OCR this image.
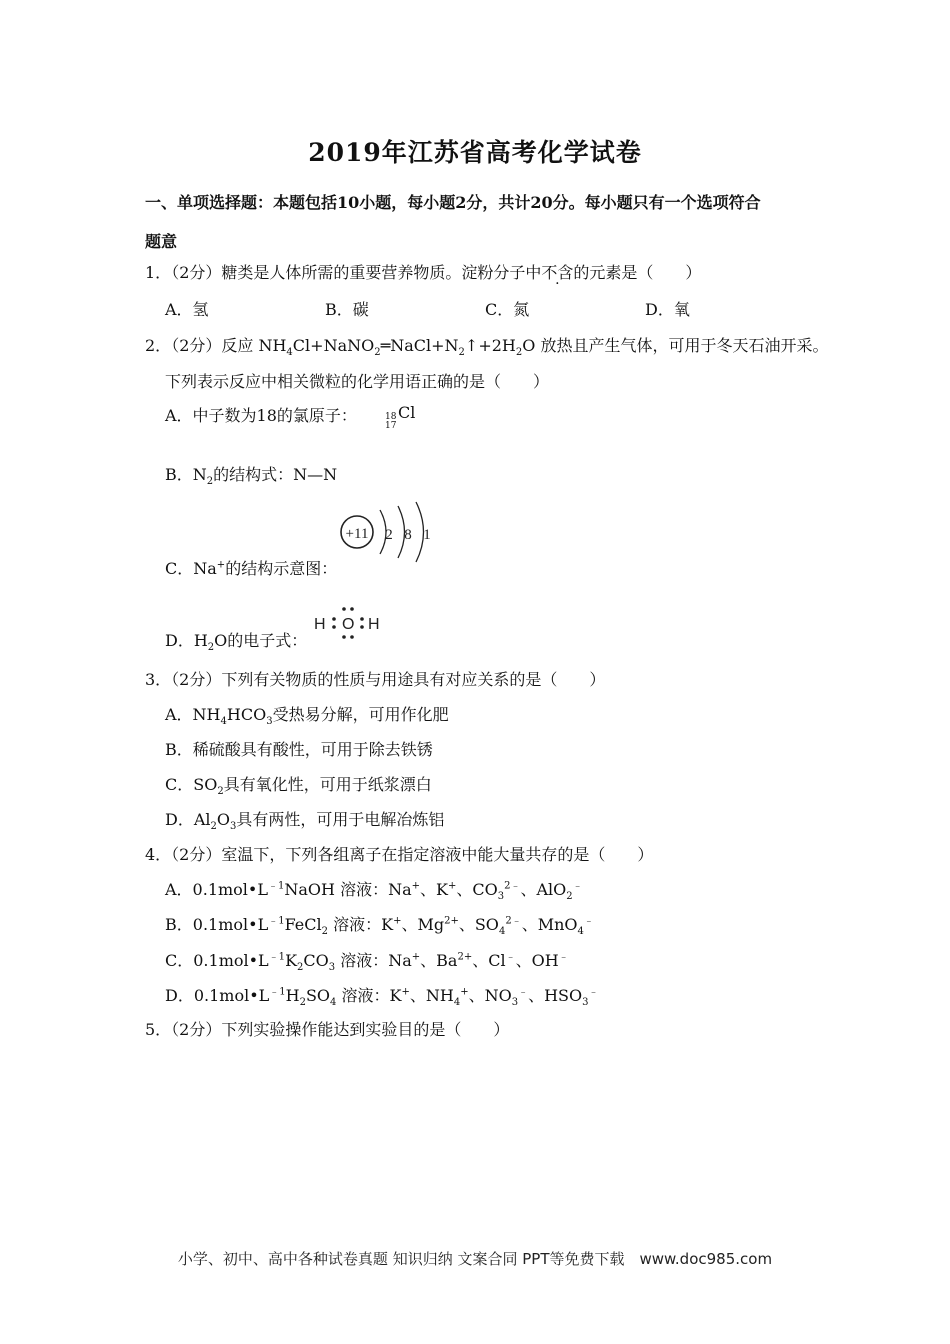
2019年江苏省高考化学试卷
一、单项选择题：本题包括10小题，每小题2分，共计20分。每小题只有一个选项符合
题意
1．（2分）糖类是人体所需的重要营养物质。淀粉分子中不含的元素是（　　）
A．氢	B．碳	C．氮	D．氧
2．（2分）反应 $NH_4Cl+NaNO_2═NaCl+N_2↑+2H_2O$ 放热且产生气体，可用于冬天石油开采。
下列表示反应中相关微粒的化学用语正确的是（　　）
A．中子数为18的氯原子：	18
17
Cl
B．$N_2$的结构式：N—N
C．Na+的结构示意图：
+11 2 8 1
D．$H_2O$的电子式：
H O H
3．（2分）下列有关物质的性质与用途具有对应关系的是（　　）
A．$NH_4HCO_3$受热易分解，可用作化肥
B．稀硫酸具有酸性，可用于除去铁锈
C．$SO_2$具有氧化性，可用于纸浆漂白
D．$Al_2O_3$具有两性，可用于电解冶炼铝
4．（2分）室温下，下列各组离子在指定溶液中能大量共存的是（　　）
A．$0.1mol•L^{﹣1}NaOH$ 溶液：Na+、K+、$CO_3^{2﹣}$、AlO$_2$﹣
B．$0.1mol•L^{﹣1}FeCl_2$ 溶液：K+、$Mg^{2+}$、$SO_4^{2﹣}$、MnO$_4$﹣
C．$0.1mol•L^{﹣1}K_2CO_3$ 溶液：Na+、$Ba^{2+}$、Cl﹣、OH﹣
D．$0.1mol•L^{﹣1}H_2SO_4$ 溶液：K+、$NH_4^+$、$NO_3^﹣$、$HSO_3^﹣$
5．（2分）下列实验操作能达到实验目的是（　　）
小学、初中、高中各种试卷真题 知识归纳 文案合同 PPT等免费下载　www.doc985.com
